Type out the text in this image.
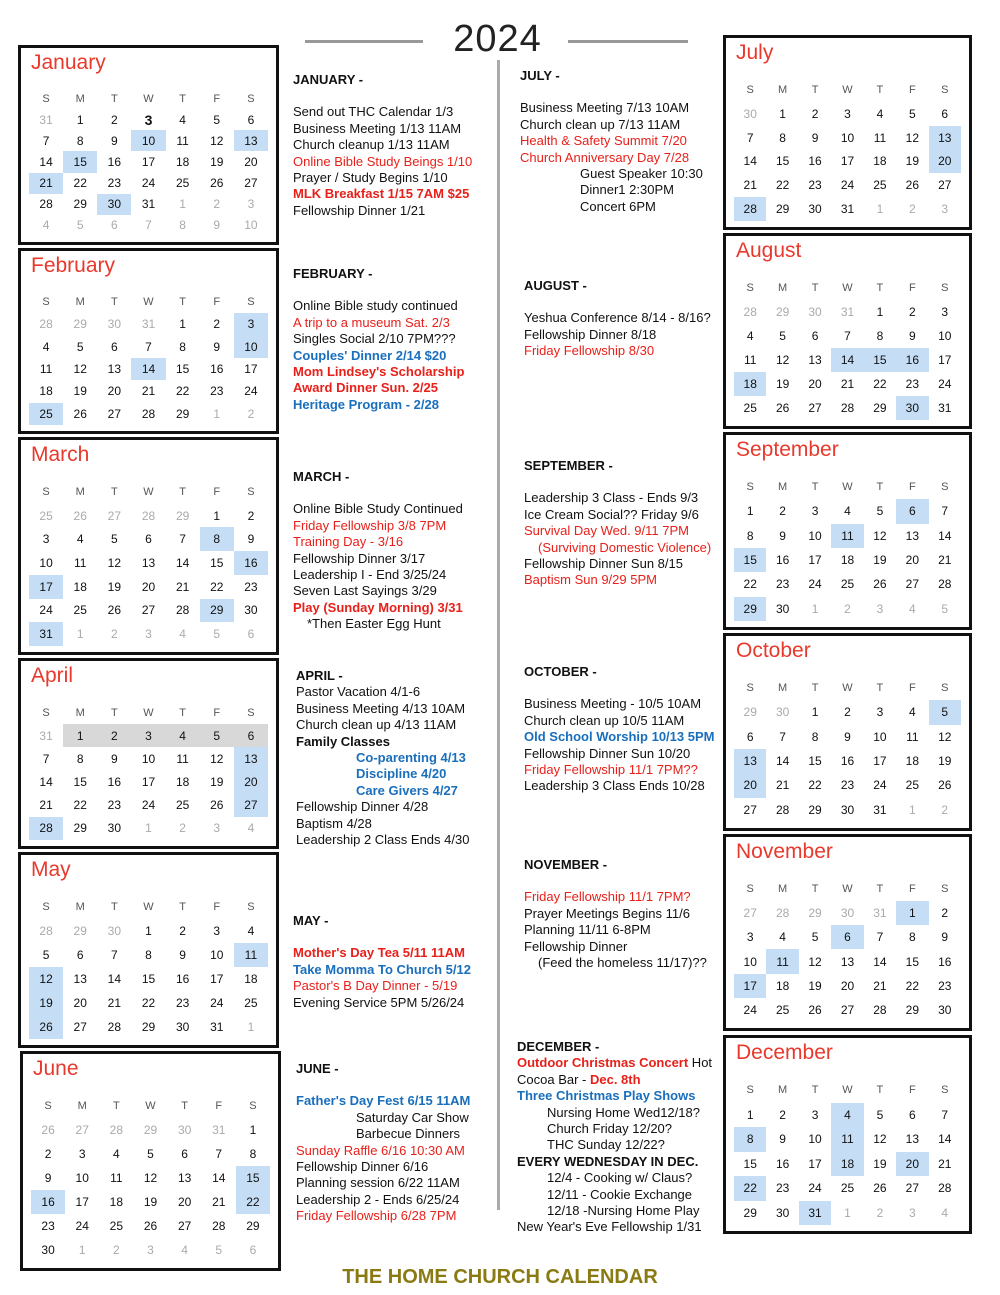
2024
January
S	M	T	W	T	F	S
31	1	2	3	4	5	6
7	8	9	10	11	12	13
14	15	16	17	18	19	20
21	22	23	24	25	26	27
28	29	30	31	1	2	3
4	5	6	7	8	9	10
February
S	M	T	W	T	F	S
28	29	30	31	1	2	3
4	5	6	7	8	9	10
11	12	13	14	15	16	17
18	19	20	21	22	23	24
25	26	27	28	29	1	2
March
S	M	T	W	T	F	S
25	26	27	28	29	1	2
3	4	5	6	7	8	9
10	11	12	13	14	15	16
17	18	19	20	21	22	23
24	25	26	27	28	29	30
31	1	2	3	4	5	6
April
S	M	T	W	T	F	S
31	1	2	3	4	5	6
7	8	9	10	11	12	13
14	15	16	17	18	19	20
21	22	23	24	25	26	27
28	29	30	1	2	3	4
May
S	M	T	W	T	F	S
28	29	30	1	2	3	4
5	6	7	8	9	10	11
12	13	14	15	16	17	18
19	20	21	22	23	24	25
26	27	28	29	30	31	1
June
S	M	T	W	T	F	S
26	27	28	29	30	31	1
2	3	4	5	6	7	8
9	10	11	12	13	14	15
16	17	18	19	20	21	22
23	24	25	26	27	28	29
30	1	2	3	4	5	6
July
S	M	T	W	T	F	S
30	1	2	3	4	5	6
7	8	9	10	11	12	13
14	15	16	17	18	19	20
21	22	23	24	25	26	27
28	29	30	31	1	2	3
August
S	M	T	W	T	F	S
28	29	30	31	1	2	3
4	5	6	7	8	9	10
11	12	13	14	15	16	17
18	19	20	21	22	23	24
25	26	27	28	29	30	31
September
S	M	T	W	T	F	S
1	2	3	4	5	6	7
8	9	10	11	12	13	14
15	16	17	18	19	20	21
22	23	24	25	26	27	28
29	30	1	2	3	4	5
October
S	M	T	W	T	F	S
29	30	1	2	3	4	5
6	7	8	9	10	11	12
13	14	15	16	17	18	19
20	21	22	23	24	25	26
27	28	29	30	31	1	2
November
S	M	T	W	T	F	S
27	28	29	30	31	1	2
3	4	5	6	7	8	9
10	11	12	13	14	15	16
17	18	19	20	21	22	23
24	25	26	27	28	29	30
December
S	M	T	W	T	F	S
1	2	3	4	5	6	7
8	9	10	11	12	13	14
15	16	17	18	19	20	21
22	23	24	25	26	27	28
29	30	31	1	2	3	4
JANUARY -
Send out THC Calendar 1/3
Business Meeting 1/13 11AM
Church cleanup 1/13 11AM
Online Bible Study Beings 1/10
Prayer / Study Begins 1/10
MLK Breakfast 1/15 7AM $25
Fellowship Dinner 1/21
FEBRUARY -
Online Bible study continued
A trip to a museum Sat. 2/3
Singles Social 2/10 7PM???
Couples' Dinner 2/14 $20
Mom Lindsey's Scholarship
Award Dinner Sun. 2/25
Heritage Program - 2/28
MARCH -
Online Bible Study Continued
Friday Fellowship 3/8 7PM
Training Day - 3/16
Fellowship Dinner 3/17
Leadership I - End 3/25/24
Seven Last Sayings 3/29
Play (Sunday Morning) 3/31
*Then Easter Egg Hunt
APRIL -
Pastor Vacation 4/1-6
Business Meeting 4/13 10AM
Church clean up 4/13 11AM
Family Classes
Co-parenting 4/13
Discipline 4/20
Care Givers 4/27
Fellowship Dinner 4/28
Baptism 4/28
Leadership 2 Class Ends 4/30
MAY -
Mother's Day Tea 5/11 11AM
Take Momma To Church 5/12
Pastor's B Day Dinner - 5/19
Evening Service 5PM 5/26/24
JUNE -
Father's Day Fest 6/15 11AM
Saturday Car Show
Barbecue Dinners
Sunday Raffle 6/16 10:30 AM
Fellowship Dinner 6/16
Planning session 6/22 11AM
Leadership 2 - Ends 6/25/24
Friday Fellowship 6/28 7PM
JULY -
Business Meeting 7/13 10AM
Church clean up 7/13 11AM
Health & Safety Summit 7/20
Church Anniversary Day 7/28
Guest Speaker 10:30
Dinner1 2:30PM
Concert 6PM
AUGUST -
Yeshua Conference 8/14 - 8/16?
Fellowship Dinner 8/18
Friday Fellowship 8/30
SEPTEMBER -
Leadership 3 Class - Ends 9/3
Ice Cream Social?? Friday 9/6
Survival Day Wed. 9/11 7PM
(Surviving Domestic Violence)
Fellowship Dinner Sun 8/15
Baptism Sun 9/29 5PM
OCTOBER -
Business Meeting - 10/5 10AM
Church clean up 10/5 11AM
Old School Worship 10/13 5PM
Fellowship Dinner Sun 10/20
Friday Fellowship 11/1 7PM??
Leadership 3 Class Ends 10/28
NOVEMBER -
Friday Fellowship 11/1 7PM?
Prayer Meetings Begins 11/6
Planning 11/11 6-8PM
Fellowship Dinner
(Feed the homeless 11/17)??
DECEMBER -
Outdoor Christmas Concert Hot
Cocoa Bar - Dec. 8th
Three Christmas Play Shows
Nursing Home Wed12/18?
Church Friday 12/20?
THC Sunday 12/22?
EVERY WEDNESDAY IN DEC.
12/4 - Cooking w/ Claus?
12/11 - Cookie Exchange
12/18 -Nursing Home Play
New Year's Eve Fellowship 1/31
THE HOME CHURCH CALENDAR
